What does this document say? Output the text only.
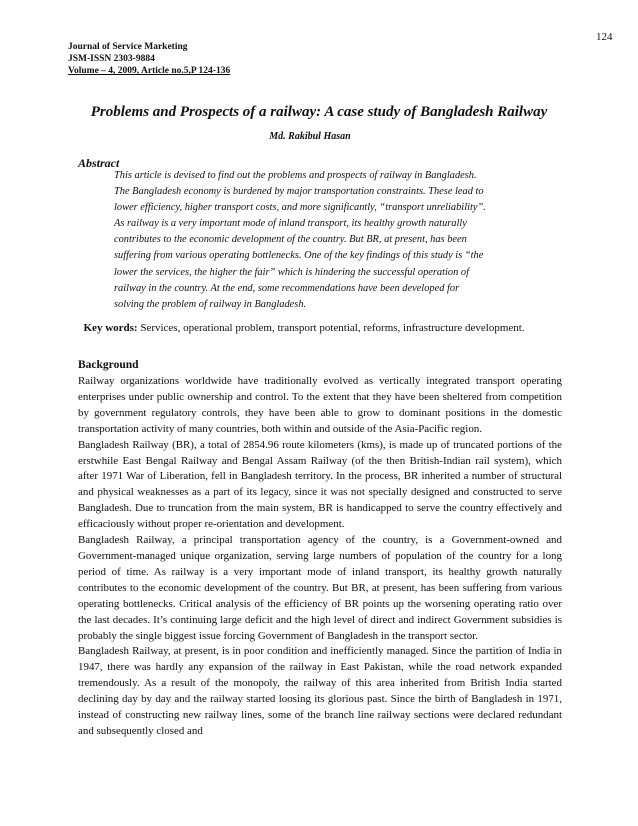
124
Journal of Service Marketing
JSM-ISSN 2303-9884
Volume – 4, 2009, Article no.5,P 124-136
Problems and Prospects of a railway: A case study of Bangladesh Railway
Md. Rakibul Hasan
Abstract
This article is devised to find out the problems and prospects of railway in Bangladesh.
The Bangladesh economy is burdened by major transportation constraints. These lead to
lower efficiency, higher transport costs, and more significantly, “transport unreliability”.
As railway is a very important mode of inland transport, its healthy growth naturally
contributes to the economic development of the country. But BR, at present, has been
suffering from various operating bottlenecks. One of the key findings of this study is “the
lower the services, the higher the fair” which is hindering the successful operation of
railway in the country. At the end, some recommendations have been developed for
solving the problem of railway in Bangladesh.
Key words: Services, operational problem, transport potential, reforms, infrastructure development.
Background

Railway organizations worldwide have traditionally evolved as vertically integrated transport operating enterprises under public ownership and control. To the extent that they have been sheltered from competition by government regulatory controls, they have been able to grow to dominant positions in the domestic transportation activity of many countries, both within and outside of the Asia-Pacific region.

Bangladesh Railway (BR), a total of 2854.96 route kilometers (kms), is made up of truncated portions of the erstwhile East Bengal Railway and Bengal Assam Railway (of the then British-Indian rail system), which after 1971 War of Liberation, fell in Bangladesh territory. In the process, BR inherited a number of structural and physical weaknesses as a part of its legacy, since it was not specially designed and constructed to serve Bangladesh. Due to truncation from the main system, BR is handicapped to serve the country effectively and efficaciously without proper re-orientation and development.

Bangladesh Railway, a principal transportation agency of the country, is a Government-owned and Government-managed unique organization, serving large numbers of population of the country for a long period of time. As railway is a very important mode of inland transport, its healthy growth naturally contributes to the economic development of the country. But BR, at present, has been suffering from various operating bottlenecks. Critical analysis of the efficiency of BR points up the worsening operating ratio over the last decades. It’s continuing large deficit and the high level of direct and indirect Government subsidies is probably the single biggest issue forcing Government of Bangladesh in the transport sector.

Bangladesh Railway, at present, is in poor condition and inefficiently managed. Since the partition of India in 1947, there was hardly any expansion of the railway in East Pakistan, while the road network expanded tremendously. As a result of the monopoly, the railway of this area inherited from British India started declining day by day and the railway started loosing its glorious past. Since the birth of Bangladesh in 1971, instead of constructing new railway lines, some of the branch line railway sections were declared redundant and subsequently closed and
